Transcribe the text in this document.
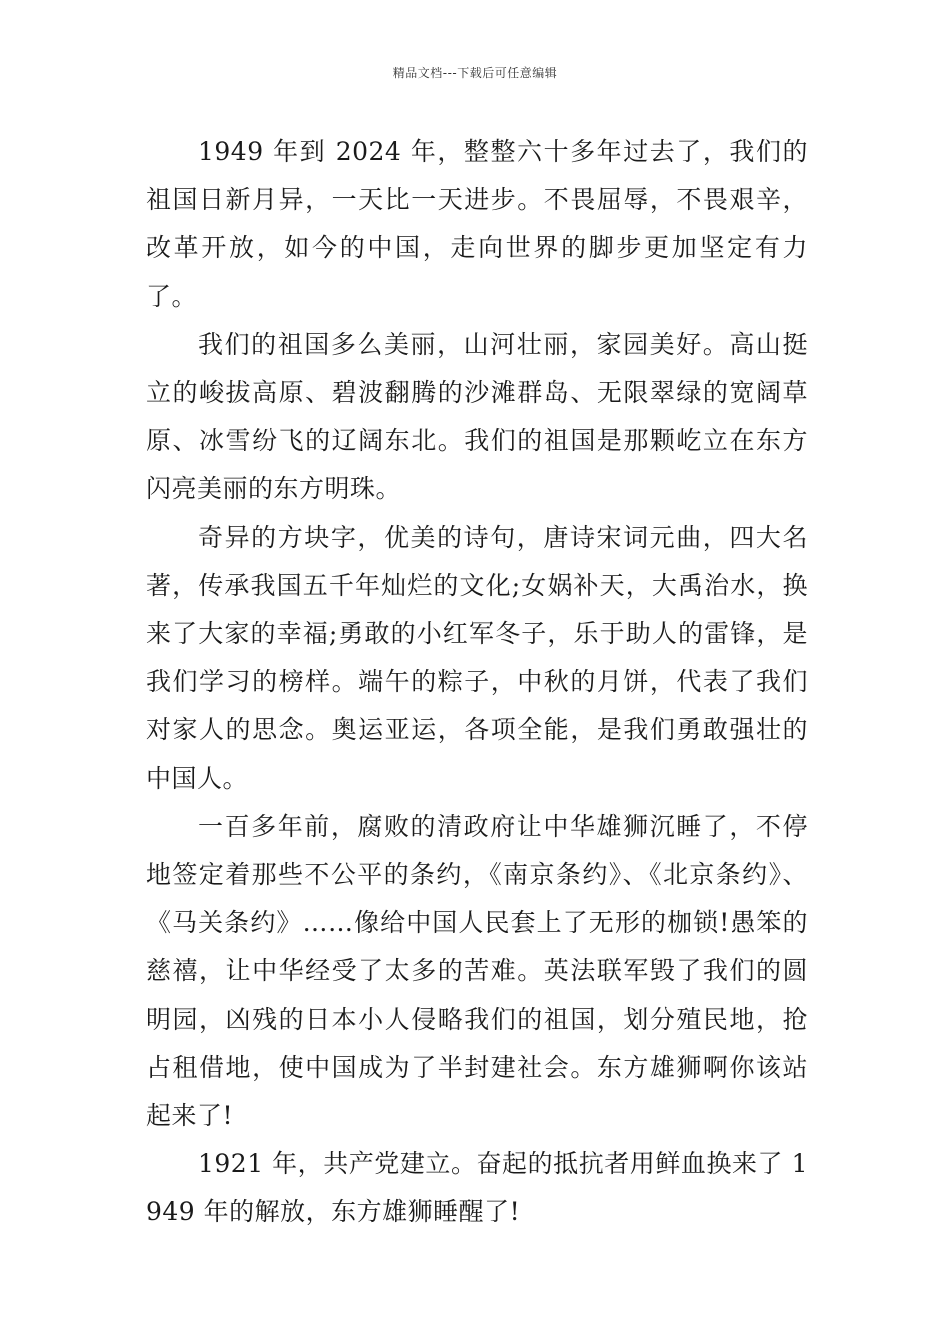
精品文档---下载后可任意编辑

1949 年到 2024 年，整整六十多年过去了，我们的祖国日新月异，一天比一天进步。不畏屈辱，不畏艰辛，改革开放，如今的中国，走向世界的脚步更加坚定有力了。

我们的祖国多么美丽，山河壮丽，家园美好。高山挺立的峻拔高原、碧波翻腾的沙滩群岛、无限翠绿的宽阔草原、冰雪纷飞的辽阔东北。我们的祖国是那颗屹立在东方闪亮美丽的东方明珠。

奇异的方块字，优美的诗句，唐诗宋词元曲，四大名著，传承我国五千年灿烂的文化;女娲补天，大禹治水，换来了大家的幸福;勇敢的小红军冬子，乐于助人的雷锋，是我们学习的榜样。端午的粽子，中秋的月饼，代表了我们对家人的思念。奥运亚运，各项全能，是我们勇敢强壮的中国人。

一百多年前，腐败的清政府让中华雄狮沉睡了，不停地签定着那些不公平的条约，《南京条约》、《北京条约》、《马关条约》……像给中国人民套上了无形的枷锁!愚笨的慈禧，让中华经受了太多的苦难。英法联军毁了我们的圆明园，凶残的日本小人侵略我们的祖国，划分殖民地，抢占租借地，使中国成为了半封建社会。东方雄狮啊你该站起来了!

1921 年，共产党建立。奋起的抵抗者用鲜血换来了 1949 年的解放，东方雄狮睡醒了!
